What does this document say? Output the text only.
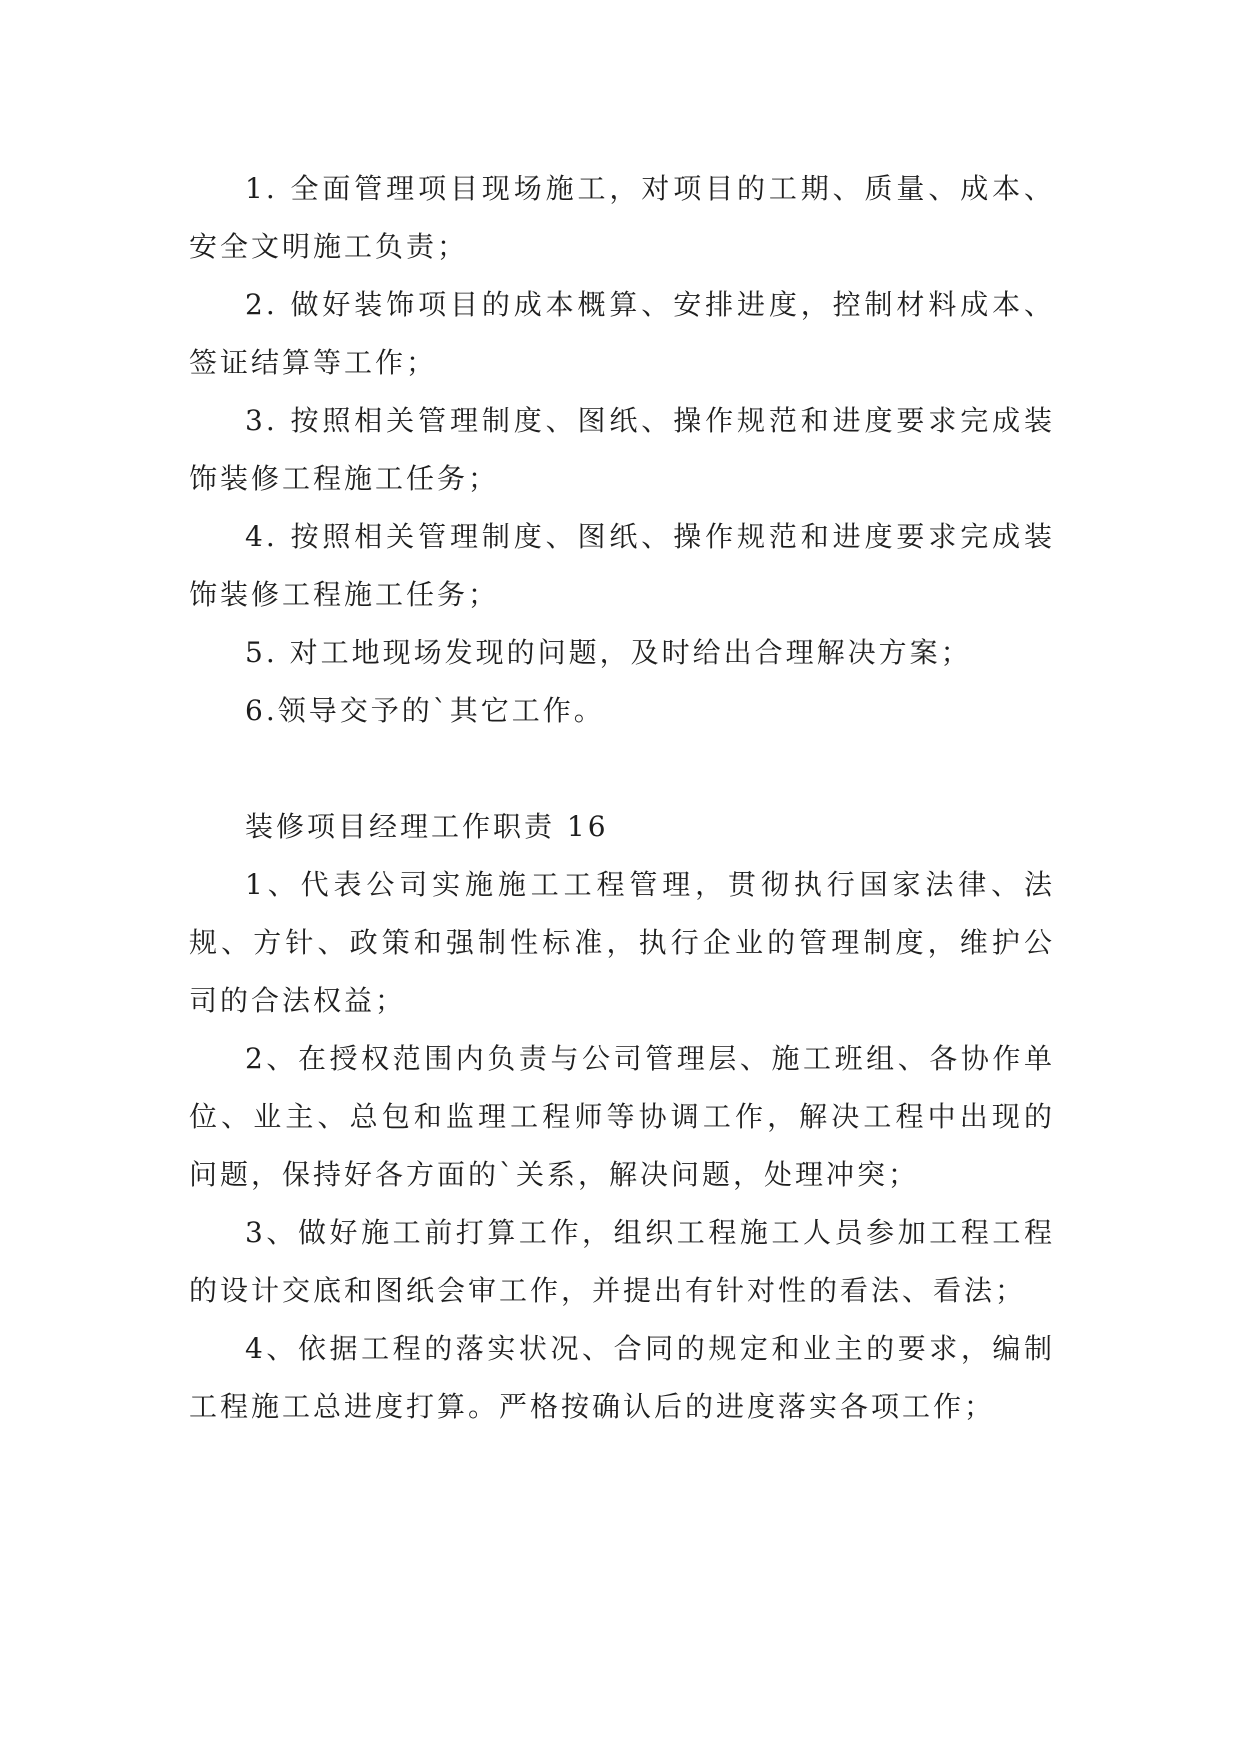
1. 全面管理项目现场施工，对项目的工期、质量、成本、安全文明施工负责；

2. 做好装饰项目的成本概算、安排进度，控制材料成本、签证结算等工作；

3. 按照相关管理制度、图纸、操作规范和进度要求完成装饰装修工程施工任务；

4. 按照相关管理制度、图纸、操作规范和进度要求完成装饰装修工程施工任务；

5. 对工地现场发现的问题，及时给出合理解决方案；

6.领导交予的`其它工作。

装修项目经理工作职责 16

1、代表公司实施施工工程管理，贯彻执行国家法律、法规、方针、政策和强制性标准，执行企业的管理制度，维护公司的合法权益；

2、在授权范围内负责与公司管理层、施工班组、各协作单位、业主、总包和监理工程师等协调工作，解决工程中出现的问题，保持好各方面的`关系，解决问题，处理冲突；

3、做好施工前打算工作，组织工程施工人员参加工程工程的设计交底和图纸会审工作，并提出有针对性的看法、看法；

4、依据工程的落实状况、合同的规定和业主的要求，编制工程施工总进度打算。严格按确认后的进度落实各项工作；
